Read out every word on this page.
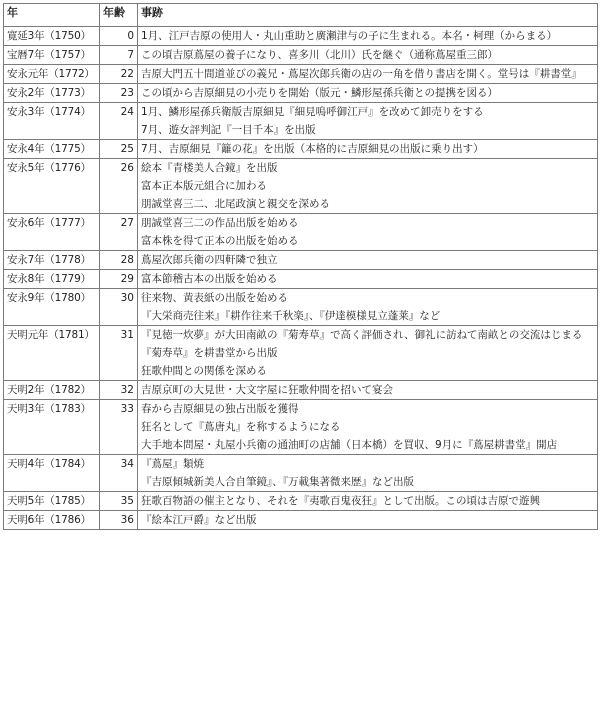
年	年齢	事跡
寛延3年（1750）	0	1月、江戸吉原の使用人・丸山重助と廣瀬津与の子に生まれる。本名・柯理（からまる）

宝暦7年（1757）	7	この頃吉原蔦屋の養子になり、喜多川（北川）氏を継ぐ（通称蔦屋重三郎）

安永元年（1772）	22	吉原大門五十間道並びの義兄・蔦屋次郎兵衛の店の一角を借り書店を開く。堂号は『耕書堂』

安永2年（1773）	23	この頃から吉原細見の小売りを開始（版元・鱗形屋孫兵衛との提携を図る）

安永3年（1774）	24	1月、鱗形屋孫兵衛版吉原細見『細見嗚呼御江戸』を改めて卸売りをする
7月、遊女評判記『一目千本』を出版

安永4年（1775）	25	7月、吉原細見『籬の花』を出版（本格的に吉原細見の出版に乗り出す）

安永5年（1776）	26	絵本『青楼美人合鏡』を出版
富本正本版元組合に加わる
朋誠堂喜三二、北尾政演と親交を深める

安永6年（1777）	27	朋誠堂喜三二の作品出版を始める
富本株を得て正本の出版を始める

安永7年（1778）	28	蔦屋次郎兵衛の四軒隣で独立

安永8年（1779）	29	富本節稽古本の出版を始める

安永9年（1780）	30	往来物、黄表紙の出版を始める
『大栄商売往来』『耕作往来千秋楽』、『伊達模様見立蓬莱』など

天明元年（1781）	31	『見徳一炊夢』が大田南畝の『菊寿草』で高く評価され、御礼に訪ねて南畝との交流はじまる
『菊寿草』を耕書堂から出版
狂歌仲間との関係を深める

天明2年（1782）	32	吉原京町の大見世・大文字屋に狂歌仲間を招いて宴会

天明3年（1783）	33	春から吉原細見の独占出版を獲得
狂名として『蔦唐丸』を称するようになる
大手地本問屋・丸屋小兵衛の通油町の店舗（日本橋）を買収、9月に『蔦屋耕書堂』開店

天明4年（1784）	34	『蔦屋』類焼
『吉原傾城新美人合自筆鏡』、『万載集著微来歴』など出版

天明5年（1785）	35	狂歌百物語の催主となり、それを『夷歌百鬼夜狂』として出版。この頃は吉原で遊興

天明6年（1786）	36	『絵本江戸爵』など出版
